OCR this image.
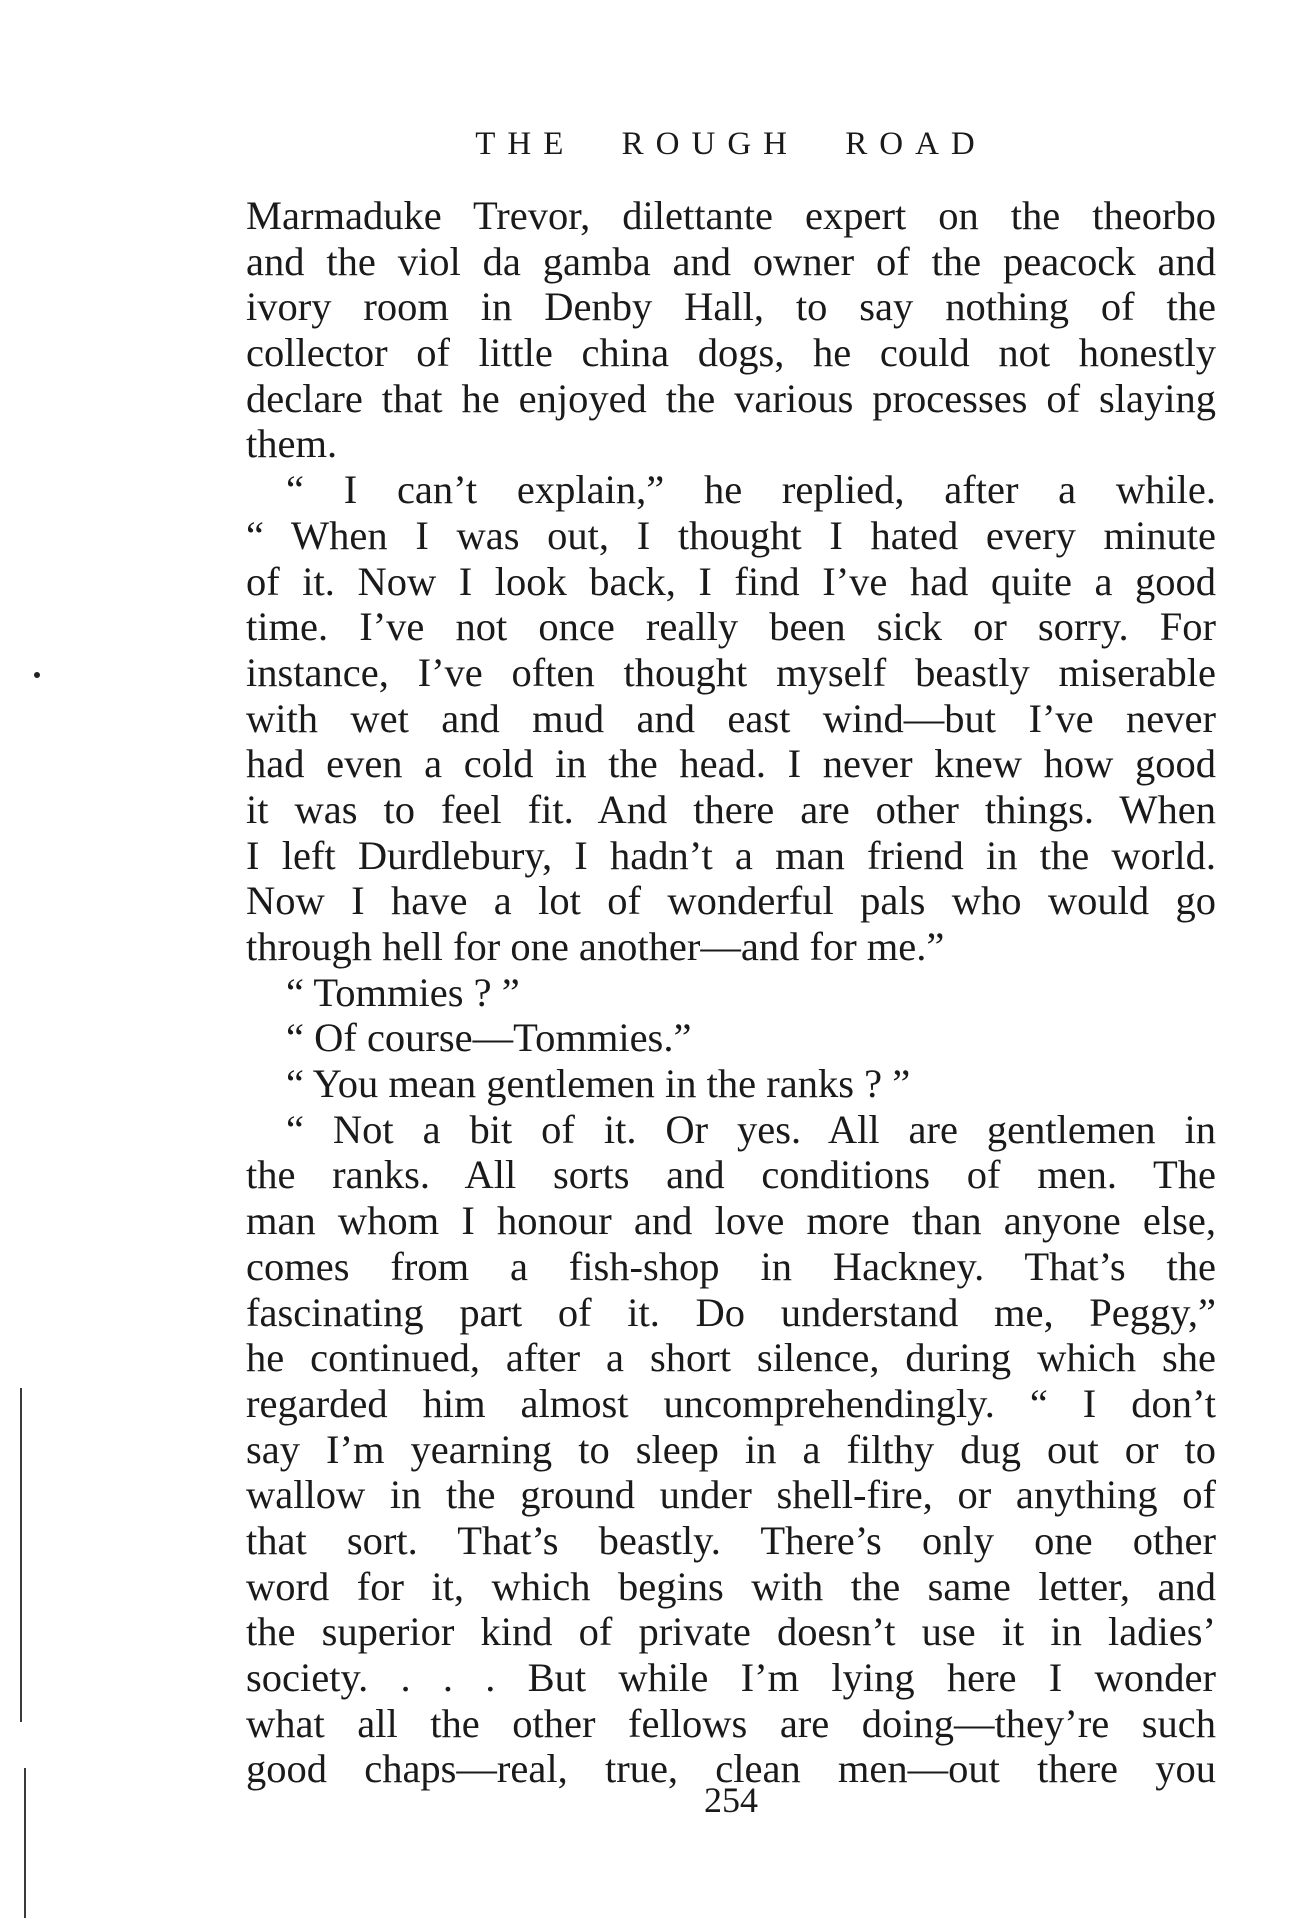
THE ROUGH ROAD
Marmaduke Trevor, dilettante expert on the theorbo
and the viol da gamba and owner of the peacock and
ivory room in Denby Hall, to say nothing of the
collector of little china dogs, he could not honestly
declare that he enjoyed the various processes of slaying
them.
“ I can’t explain,” he replied, after a while.
“ When I was out, I thought I hated every minute
of it. Now I look back, I find I’ve had quite a good
time. I’ve not once really been sick or sorry. For
instance, I’ve often thought myself beastly miserable
with wet and mud and east wind—but I’ve never
had even a cold in the head. I never knew how good
it was to feel fit. And there are other things. When
I left Durdlebury, I hadn’t a man friend in the world.
Now I have a lot of wonderful pals who would go
through hell for one another—and for me.”
“ Tommies ? ”
“ Of course—Tommies.”
“ You mean gentlemen in the ranks ? ”
“ Not a bit of it. Or yes. All are gentlemen in
the ranks. All sorts and conditions of men. The
man whom I honour and love more than anyone else,
comes from a fish-shop in Hackney. That’s the
fascinating part of it. Do understand me, Peggy,”
he continued, after a short silence, during which she
regarded him almost uncomprehendingly. “ I don’t
say I’m yearning to sleep in a filthy dug out or to
wallow in the ground under shell-fire, or anything of
that sort. That’s beastly. There’s only one other
word for it, which begins with the same letter, and
the superior kind of private doesn’t use it in ladies’
society. . . . But while I’m lying here I wonder
what all the other fellows are doing—they’re such
good chaps—real, true, clean men—out there you
254
